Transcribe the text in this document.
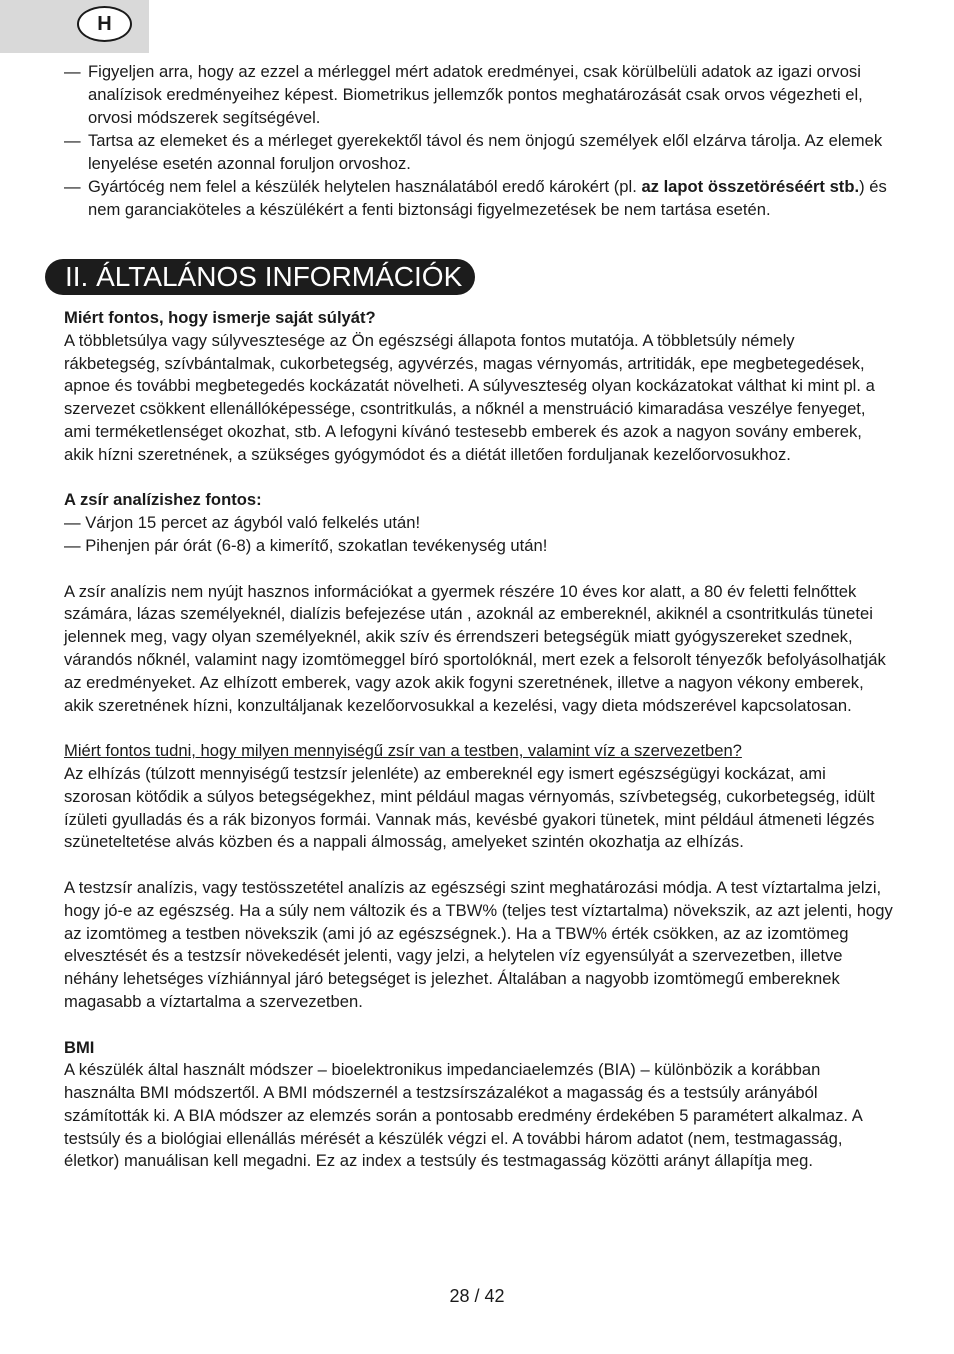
H
— Figyeljen arra, hogy az ezzel a mérleggel mért adatok eredményei, csak körülbelüli adatok az igazi orvosi analízisok eredményeihez képest. Biometrikus jellemzők pontos meghatározását csak orvos végezheti el, orvosi módszerek segítségével.
— Tartsa az elemeket és a mérleget gyerekektől távol és nem önjogú személyek elől elzárva tárolja. Az elemek lenyelése esetén azonnal foruljon orvoshoz.
— Gyártócég nem felel a készülék helytelen használatából eredő károkért (pl. az lapot összetöréséért stb.) és nem garanciaköteles a készülékért a fenti biztonsági figyelmezetések be nem tartása esetén.
II. ÁLTALÁNOS INFORMÁCIÓK

Miért fontos, hogy ismerje saját súlyát?

A többletsúlya vagy súlyvesztesége az Ön egészségi állapota fontos mutatója. A többletsúly némely rákbetegség, szívbántalmak, cukorbetegség, agyvérzés, magas vérnyomás, artritidák, epe megbetegedések, apnoe és további megbetegedés kockázatát növelheti. A súlyveszteség olyan kockázatokat válthat ki mint pl. a szervezet csökkent ellenállóképessége, csontritkulás, a nőknél a menstruáció kimaradása veszélye fenyeget, ami terméketlenséget okozhat, stb. A lefogyni kívánó testesebb emberek és azok a nagyon sovány emberek, akik hízni szeretnének, a szükséges gyógymódot és a diétát illetően forduljanak kezelőorvosukhoz.

A zsír analízishez fontos:

— Várjon 15 percet az ágyból való felkelés után!

— Pihenjen pár órát (6-8) a kimerítő, szokatlan tevékenység után!

A zsír analízis nem nyújt hasznos információkat a gyermek részére 10 éves kor alatt, a 80 év feletti felnőttek számára, lázas személyeknél, dialízis befejezése után , azoknál az embereknél, akiknél a csontritkulás tünetei jelennek meg, vagy olyan személyeknél, akik szív és érrendszeri betegségük miatt gyógyszereket szednek, várandós nőknél, valamint nagy izomtömeggel bíró sportolóknál, mert ezek a felsorolt tényezők befolyásolhatják az eredményeket. Az elhízott emberek, vagy azok akik fogyni szeretnének, illetve a nagyon vékony emberek, akik szeretnének hízni, konzultáljanak kezelőorvosukkal a kezelési, vagy dieta módszerével kapcsolatosan.

Miért fontos tudni, hogy milyen mennyiségű zsír van a testben, valamint víz a szervezetben?

Az elhízás (túlzott mennyiségű testzsír jelenléte) az embereknél egy ismert egészségügyi kockázat, ami szorosan kötődik a súlyos betegségekhez, mint például magas vérnyomás, szívbetegség, cukorbetegség, idült ízületi gyulladás és a rák bizonyos formái. Vannak más, kevésbé gyakori tünetek, mint például átmeneti légzés szüneteltetése alvás közben és a nappali álmosság, amelyeket szintén okozhatja az elhízás.

A testzsír analízis, vagy testösszetétel analízis az egészségi szint meghatározási módja. A test víztartalma jelzi, hogy jó-e az egészség. Ha a súly nem változik és a TBW% (teljes test víztartalma) növekszik, az azt jelenti, hogy az izomtömeg a testben növekszik (ami jó az egészségnek.). Ha a TBW% érték csökken, az az izomtömeg elvesztését és a testzsír növekedését jelenti, vagy jelzi, a helytelen víz egyensúlyát a szervezetben, illetve néhány lehetséges vízhiánnyal járó betegséget is jelezhet. Általában a nagyobb izomtömegű embereknek magasabb a víztartalma a szervezetben.

BMI

A készülék által használt módszer – bioelektronikus impedanciaelemzés (BIA) – különbözik a korábban használta BMI módszertől. A BMI módszernél a testzsírszázalékot a magasság és a testsúly arányából számították ki. A BIA módszer az elemzés során a pontosabb eredmény érdekében 5 paramétert alkalmaz. A testsúly és a biológiai ellenállás mérését a készülék végzi el. A további három adatot (nem, testmagasság, életkor) manuálisan kell megadni. Ez az index a testsúly és testmagasság közötti arányt állapítja meg.

28 / 42
